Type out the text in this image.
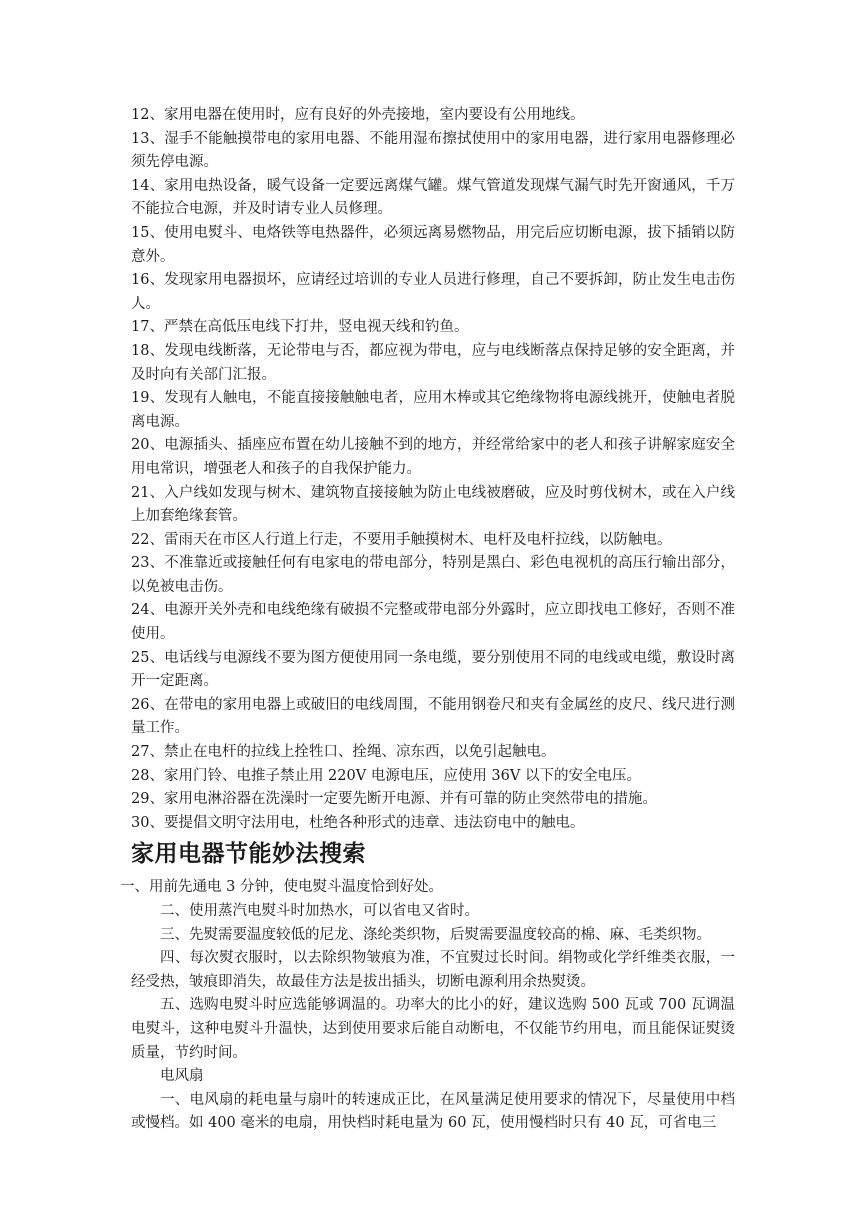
12、家用电器在使用时，应有良好的外壳接地，室内要设有公用地线。

13、湿手不能触摸带电的家用电器、不能用湿布擦拭使用中的家用电器，进行家用电器修理必须先停电源。

14、家用电热设备，暖气设备一定要远离煤气罐。煤气管道发现煤气漏气时先开窗通风，千万不能拉合电源，并及时请专业人员修理。

15、使用电熨斗、电烙铁等电热器件，必须远离易燃物品，用完后应切断电源，拔下插销以防意外。

16、发现家用电器损坏，应请经过培训的专业人员进行修理，自己不要拆卸，防止发生电击伤人。

17、严禁在高低压电线下打井，竖电视天线和钓鱼。

18、发现电线断落，无论带电与否，都应视为带电，应与电线断落点保持足够的安全距离，并及时向有关部门汇报。

19、发现有人触电，不能直接接触触电者，应用木棒或其它绝缘物将电源线挑开，使触电者脱离电源。

20、电源插头、插座应布置在幼儿接触不到的地方，并经常给家中的老人和孩子讲解家庭安全用电常识，增强老人和孩子的自我保护能力。

21、入户线如发现与树木、建筑物直接接触为防止电线被磨破，应及时剪伐树木，或在入户线上加套绝缘套管。

22、雷雨天在市区人行道上行走，不要用手触摸树木、电杆及电杆拉线，以防触电。

23、不准靠近或接触任何有电家电的带电部分，特别是黑白、彩色电视机的高压行输出部分，以免被电击伤。

24、电源开关外壳和电线绝缘有破损不完整或带电部分外露时，应立即找电工修好，否则不准使用。

25、电话线与电源线不要为图方便使用同一条电缆，要分别使用不同的电线或电缆，敷设时离开一定距离。

26、在带电的家用电器上或破旧的电线周围，不能用钢卷尺和夹有金属丝的皮尺、线尺进行测量工作。

27、禁止在电杆的拉线上拴牲口、拴绳、凉东西，以免引起触电。

28、家用门铃、电推子禁止用 220V 电源电压，应使用 36V 以下的安全电压。

29、家用电淋浴器在洗澡时一定要先断开电源、并有可靠的防止突然带电的措施。

30、要提倡文明守法用电，杜绝各种形式的违章、违法窃电中的触电。

家用电器节能妙法搜索

一、用前先通电 3 分钟，使电熨斗温度恰到好处。

二、使用蒸汽电熨斗时加热水，可以省电又省时。

三、先熨需要温度较低的尼龙、涤纶类织物，后熨需要温度较高的棉、麻、毛类织物。

四、每次熨衣服时，以去除织物皱痕为准，不宜熨过长时间。绢物或化学纤维类衣服，一经受热，皱痕即消失，故最佳方法是拔出插头，切断电源利用余热熨烫。

五、选购电熨斗时应选能够调温的。功率大的比小的好，建议选购 500 瓦或 700 瓦调温电熨斗，这种电熨斗升温快，达到使用要求后能自动断电，不仅能节约用电，而且能保证熨烫质量，节约时间。

电风扇

一、电风扇的耗电量与扇叶的转速成正比，在风量满足使用要求的情况下，尽量使用中档或慢档。如 400 毫米的电扇，用快档时耗电量为 60 瓦，使用慢档时只有 40 瓦，可省电三
